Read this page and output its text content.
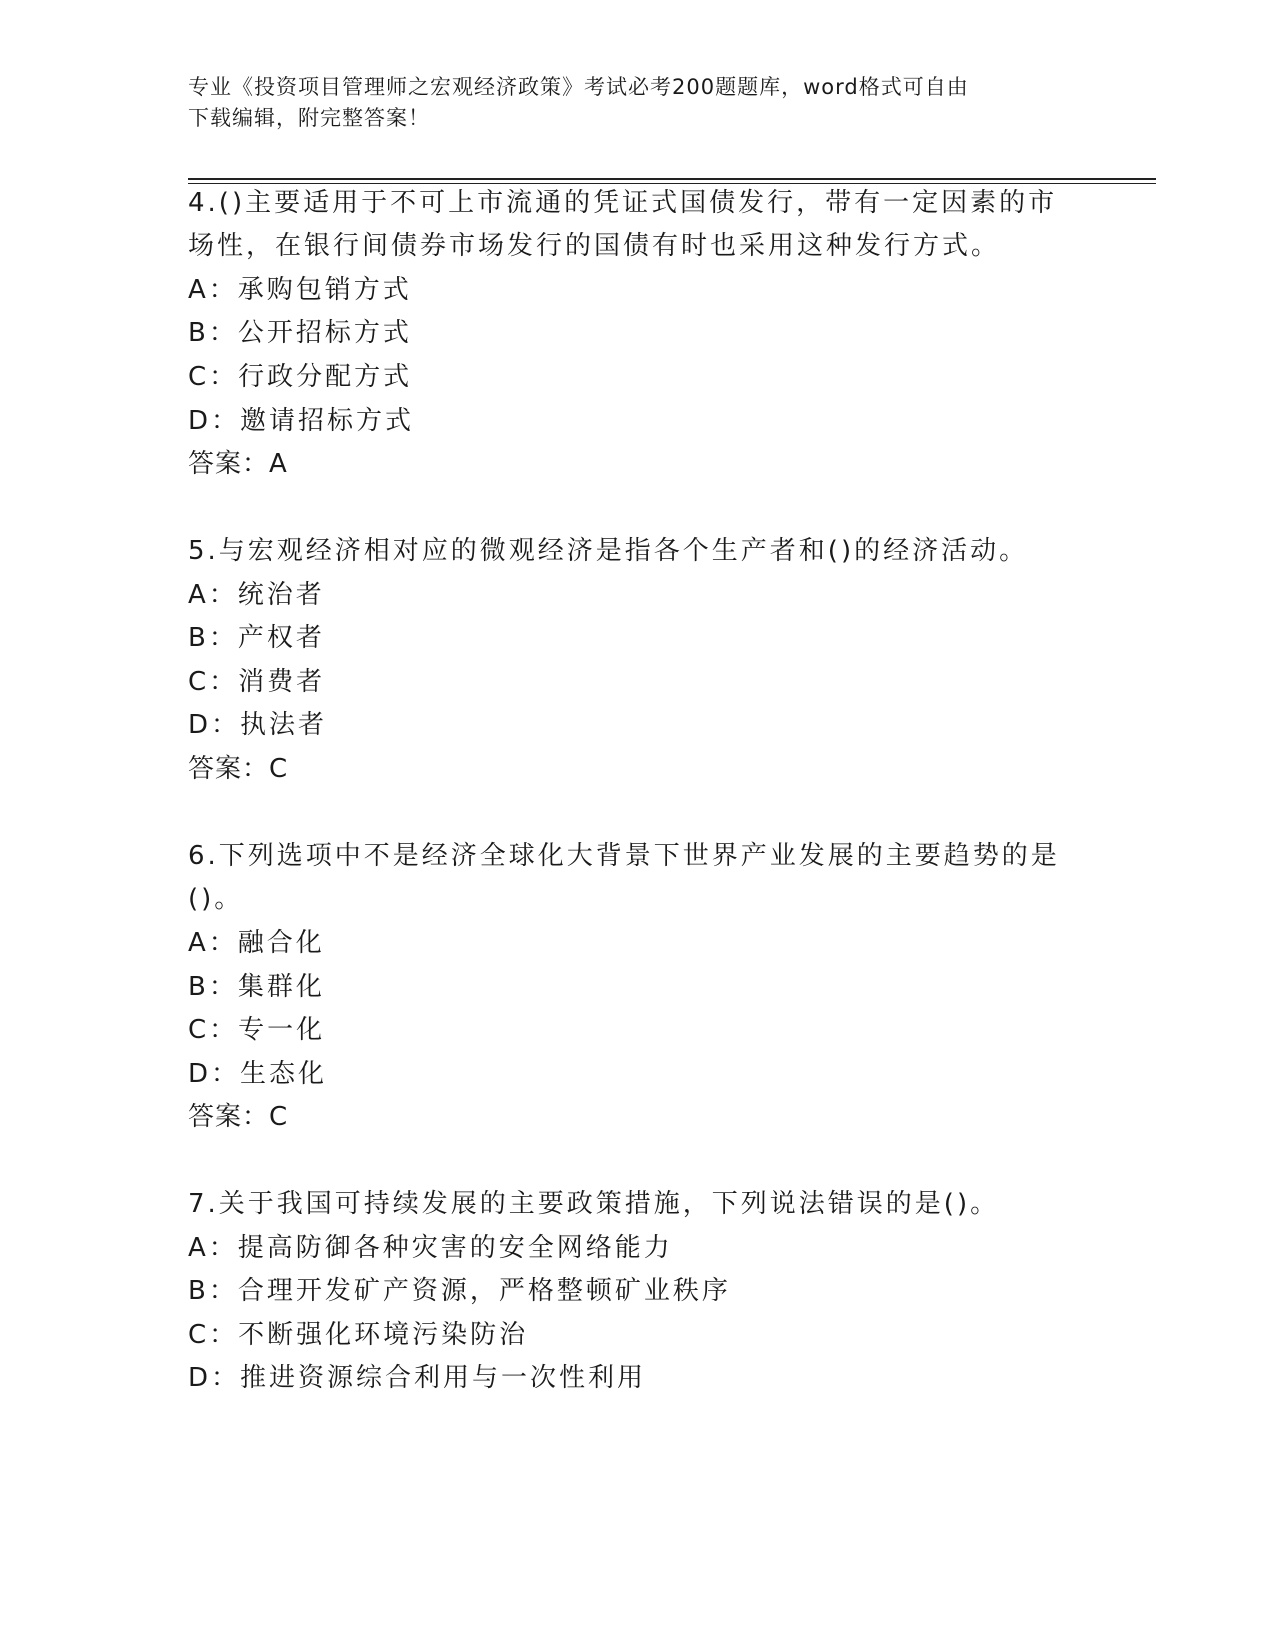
专业《投资项目管理师之宏观经济政策》考试必考200题题库，word格式可自由
下载编辑，附完整答案！
4.()主要适用于不可上市流通的凭证式国债发行，带有一定因素的市
场性，在银行间债券市场发行的国债有时也采用这种发行方式。
A：承购包销方式
B：公开招标方式
C：行政分配方式
D：邀请招标方式
答案：A
5.与宏观经济相对应的微观经济是指各个生产者和()的经济活动。
A：统治者
B：产权者
C：消费者
D：执法者
答案：C
6.下列选项中不是经济全球化大背景下世界产业发展的主要趋势的是
()。
A：融合化
B：集群化
C：专一化
D：生态化
答案：C
7.关于我国可持续发展的主要政策措施，下列说法错误的是()。
A：提高防御各种灾害的安全网络能力
B：合理开发矿产资源，严格整顿矿业秩序
C：不断强化环境污染防治
D：推进资源综合利用与一次性利用
